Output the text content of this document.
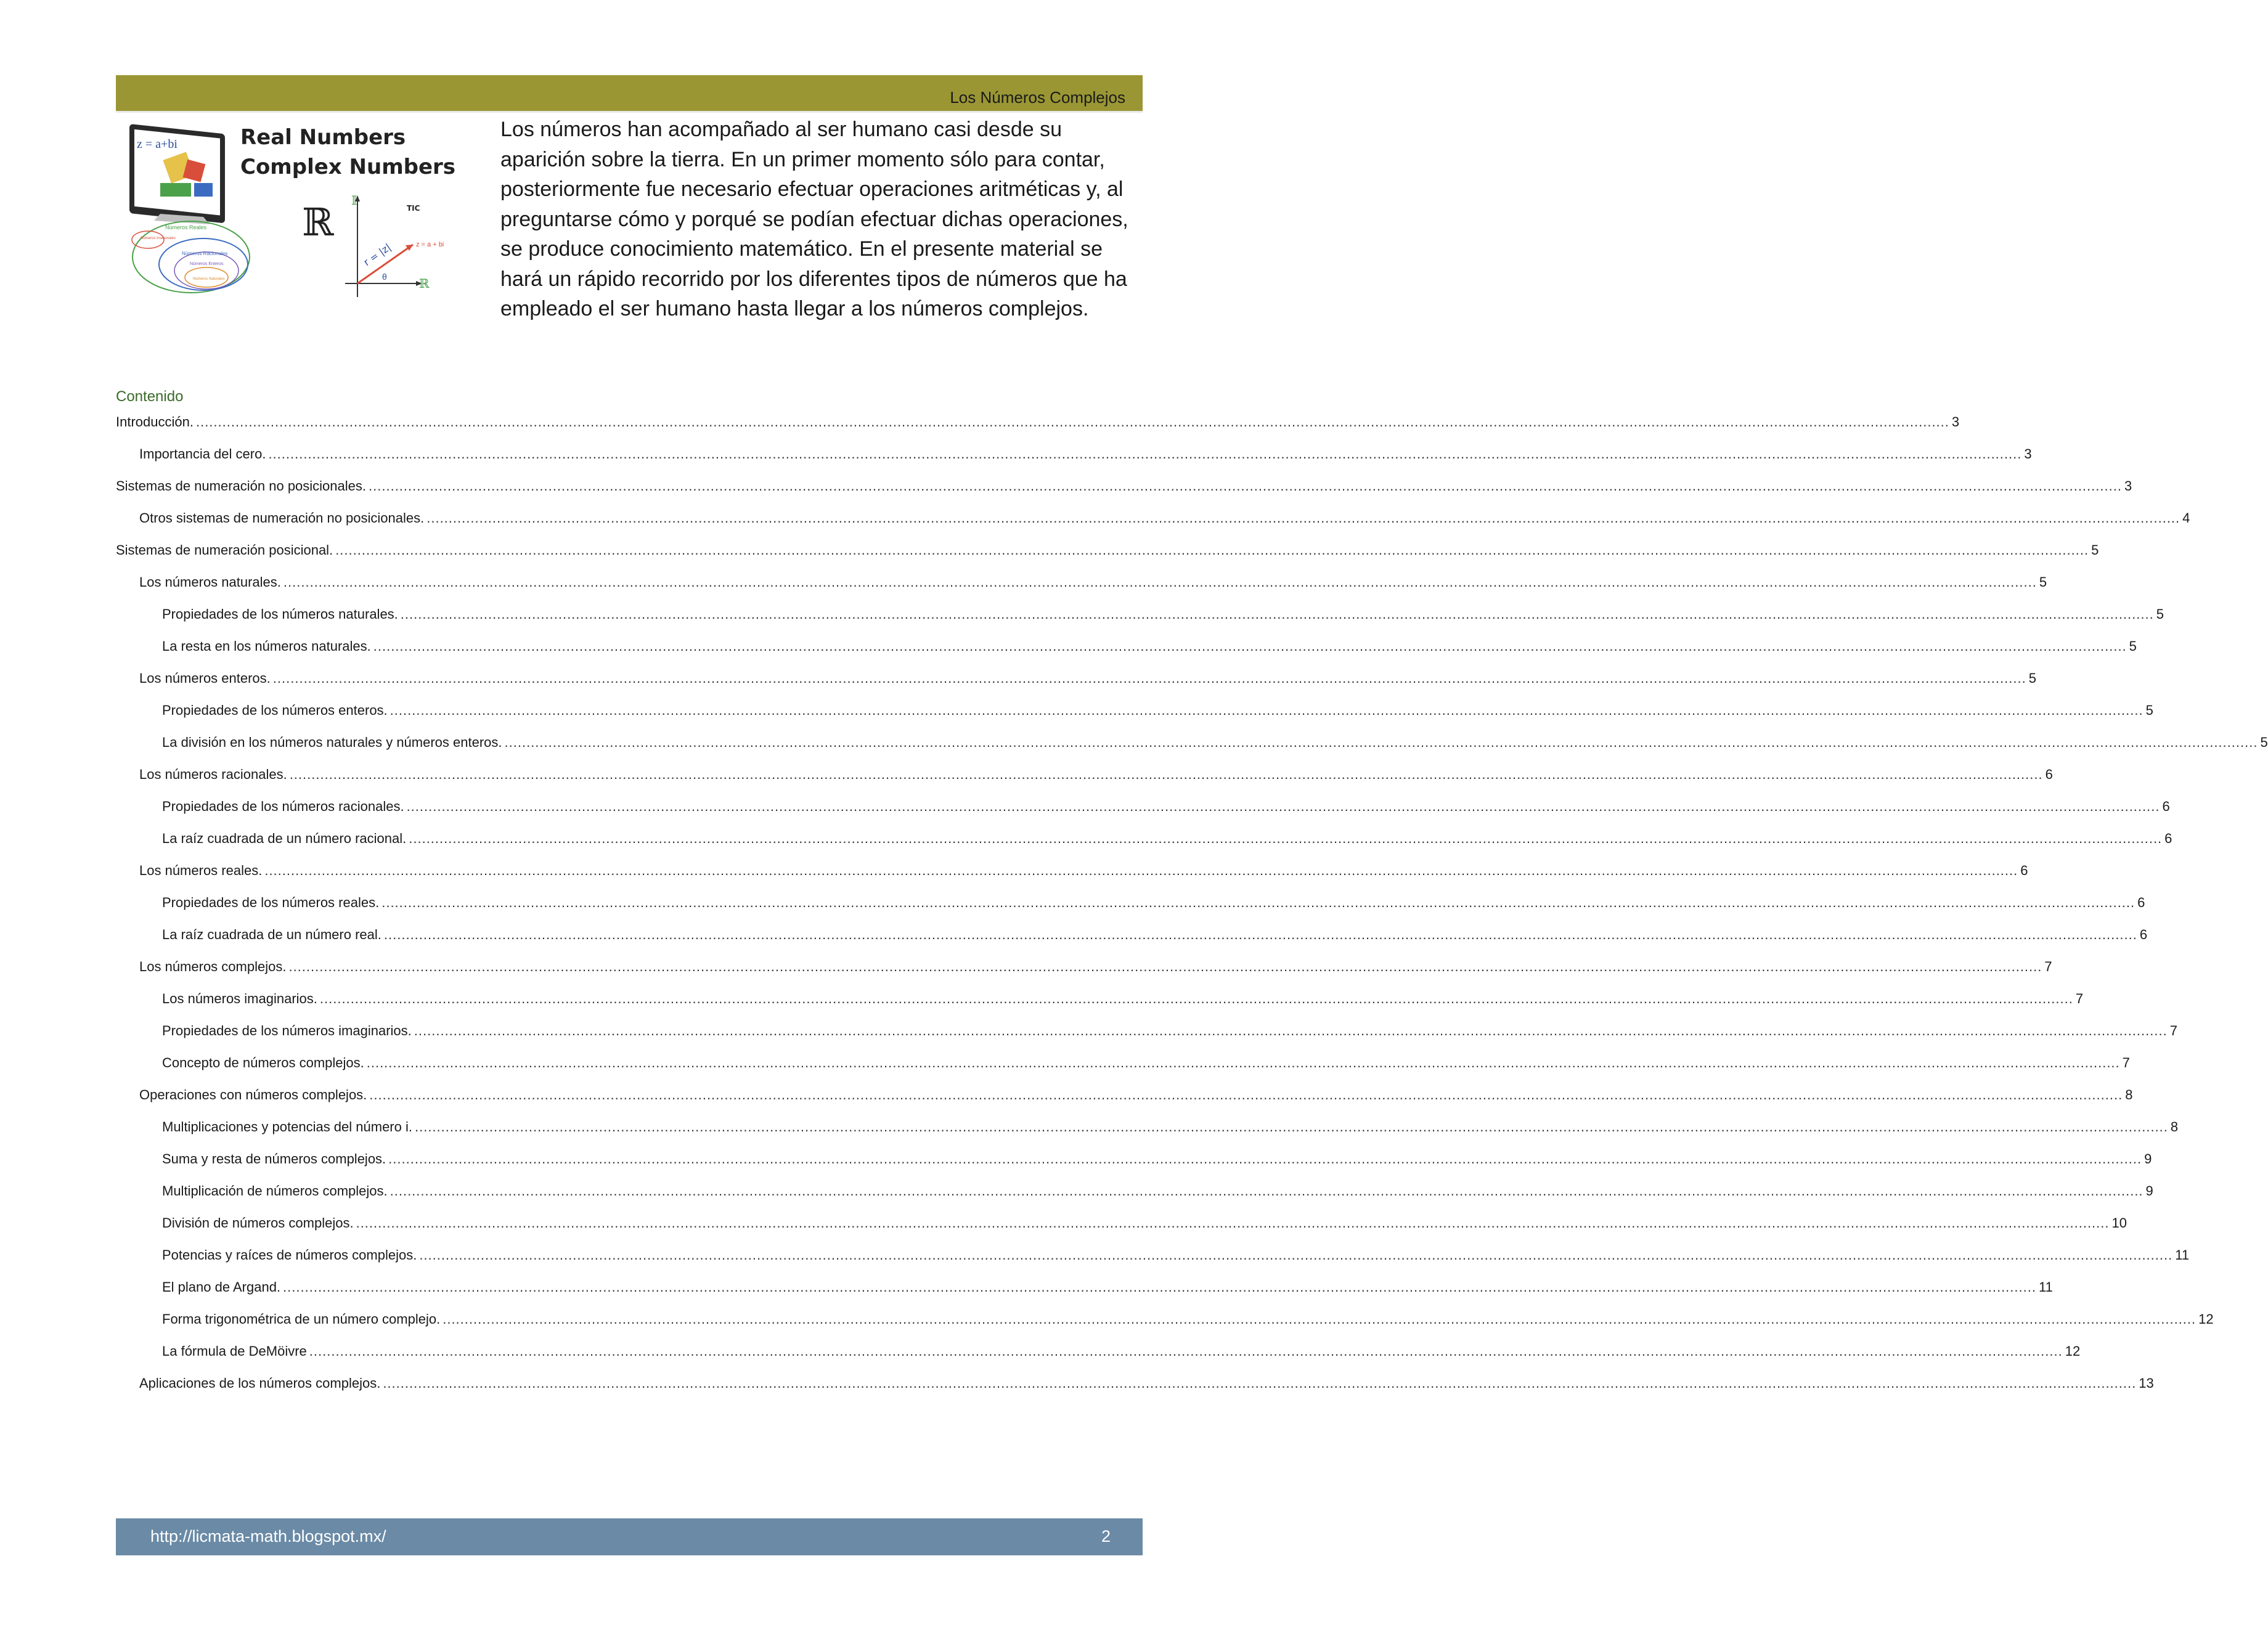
Los Números Complejos
z = a+bi	Real Numbers
Complex Numbers
Números Reales
Números Irracionales
Números Racionales
Números Enteros
Números Naturales
ℝ 𝕀
ℝ
r = |z|	z = a + bi
θ
TIC
Los números han acompañado al ser humano casi desde su aparición sobre la tierra. En un primer momento sólo para contar, posteriormente fue necesario efectuar operaciones aritméticas y, al preguntarse cómo y porqué se podían efectuar dichas operaciones, se produce conocimiento matemático. En el presente material se hará un rápido recorrido por los diferentes tipos de números que ha empleado el ser humano hasta llegar a los números complejos.
Contenido
Introducción. ................................................................................................................................................................................................................................................................................................................................................................................................................ 3
Importancia del cero. ................................................................................................................................................................................................................................................................................................................................................................................................................ 3
Sistemas de numeración no posicionales. ................................................................................................................................................................................................................................................................................................................................................................................................................ 3
Otros sistemas de numeración no posicionales. ................................................................................................................................................................................................................................................................................................................................................................................................................ 4
Sistemas de numeración posicional. ................................................................................................................................................................................................................................................................................................................................................................................................................ 5
Los números naturales. ................................................................................................................................................................................................................................................................................................................................................................................................................ 5
Propiedades de los números naturales. ................................................................................................................................................................................................................................................................................................................................................................................................................ 5
La resta en los números naturales. ................................................................................................................................................................................................................................................................................................................................................................................................................ 5
Los números enteros. ................................................................................................................................................................................................................................................................................................................................................................................................................ 5
Propiedades de los números enteros. ................................................................................................................................................................................................................................................................................................................................................................................................................ 5
La división en los números naturales y números enteros. ................................................................................................................................................................................................................................................................................................................................................................................................................ 5
Los números racionales. ................................................................................................................................................................................................................................................................................................................................................................................................................ 6
Propiedades de los números racionales. ................................................................................................................................................................................................................................................................................................................................................................................................................ 6
La raíz cuadrada de un número racional. ................................................................................................................................................................................................................................................................................................................................................................................................................ 6
Los números reales. ................................................................................................................................................................................................................................................................................................................................................................................................................ 6
Propiedades de los números reales. ................................................................................................................................................................................................................................................................................................................................................................................................................ 6
La raíz cuadrada de un número real. ................................................................................................................................................................................................................................................................................................................................................................................................................ 6
Los números complejos. ................................................................................................................................................................................................................................................................................................................................................................................................................ 7
Los números imaginarios. ................................................................................................................................................................................................................................................................................................................................................................................................................ 7
Propiedades de los números imaginarios. ................................................................................................................................................................................................................................................................................................................................................................................................................ 7
Concepto de números complejos. ................................................................................................................................................................................................................................................................................................................................................................................................................ 7
Operaciones con números complejos. ................................................................................................................................................................................................................................................................................................................................................................................................................ 8
Multiplicaciones y potencias del número i. ................................................................................................................................................................................................................................................................................................................................................................................................................ 8
Suma y resta de números complejos. ................................................................................................................................................................................................................................................................................................................................................................................................................ 9
Multiplicación de números complejos. ................................................................................................................................................................................................................................................................................................................................................................................................................ 9
División de números complejos. ................................................................................................................................................................................................................................................................................................................................................................................................................ 10
Potencias y raíces de números complejos. ................................................................................................................................................................................................................................................................................................................................................................................................................ 11
El plano de Argand. ................................................................................................................................................................................................................................................................................................................................................................................................................ 11
Forma trigonométrica de un número complejo. ................................................................................................................................................................................................................................................................................................................................................................................................................ 12
La fórmula de DeMöivre ................................................................................................................................................................................................................................................................................................................................................................................................................ 12
Aplicaciones de los números complejos. ................................................................................................................................................................................................................................................................................................................................................................................................................ 13
http://licmata-math.blogspot.mx/	2
